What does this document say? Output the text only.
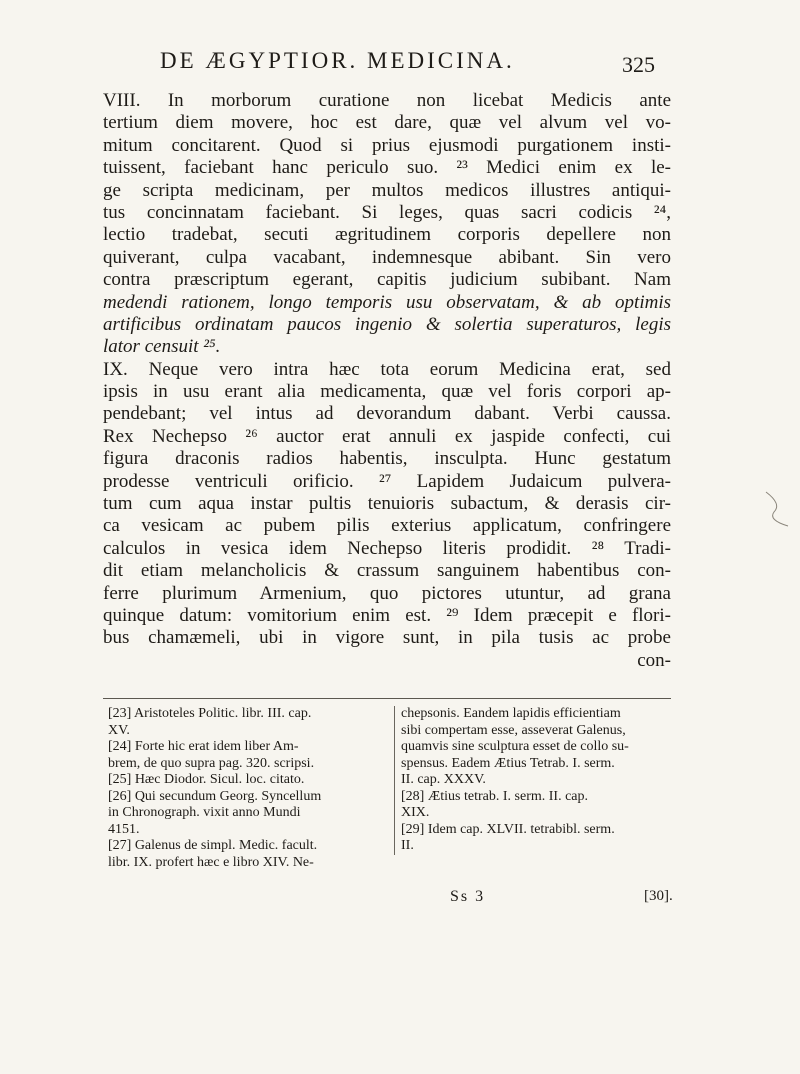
DE ÆGYPTIOR. MEDICINA.	325
VIII. In morborum curatione non licebat Medicis ante
tertium diem movere, hoc est dare, quæ vel alvum vel vo-
mitum concitarent. Quod si prius ejusmodi purgationem insti-
tuissent, faciebant hanc periculo suo. ²³ Medici enim ex le-
ge scripta medicinam, per multos medicos illustres antiqui-
tus concinnatam faciebant. Si leges, quas sacri codicis ²⁴,
lectio tradebat, secuti ægritudinem corporis depellere non
quiverant, culpa vacabant, indemnesque abibant. Sin vero
contra præscriptum egerant, capitis judicium subibant. Nam
medendi rationem, longo temporis usu observatam, & ab optimis
artificibus ordinatam paucos ingenio & solertia superaturos, legis
lator censuit ²⁵.
IX. Neque vero intra hæc tota eorum Medicina erat, sed
ipsis in usu erant alia medicamenta, quæ vel foris corpori ap-
pendebant; vel intus ad devorandum dabant. Verbi caussa.
Rex Nechepso ²⁶ auctor erat annuli ex jaspide confecti, cui
figura draconis radios habentis, insculpta. Hunc gestatum
prodesse ventriculi orificio. ²⁷ Lapidem Judaicum pulvera-
tum cum aqua instar pultis tenuioris subactum, & derasis cir-
ca vesicam ac pubem pilis exterius applicatum, confringere
calculos in vesica idem Nechepso literis prodidit. ²⁸ Tradi-
dit etiam melancholicis & crassum sanguinem habentibus con-
ferre plurimum Armenium, quo pictores utuntur, ad grana
quinque datum: vomitorium enim est. ²⁹ Idem præcepit e flori-
bus chamæmeli, ubi in vigore sunt, in pila tusis ac probe
con-
[23] Aristoteles Politic. libr. III. cap.
XV.
[24] Forte hic erat idem liber Am-
brem, de quo supra pag. 320. scripsi.
[25] Hæc Diodor. Sicul. loc. citato.
[26] Qui secundum Georg. Syncellum
in Chronograph. vixit anno Mundi
4151.
[27] Galenus de simpl. Medic. facult.
libr. IX. profert hæc e libro XIV. Ne-
chepsonis. Eandem lapidis efficientiam
sibi compertam esse, asseverat Galenus,
quamvis sine sculptura esset de collo su-
spensus. Eadem Ætius Tetrab. I. serm.
II. cap. XXXV.
[28] Ætius tetrab. I. serm. II. cap.
XIX.
[29] Idem cap. XLVII. tetrabibl. serm.
II.
Ss 3	[30].
